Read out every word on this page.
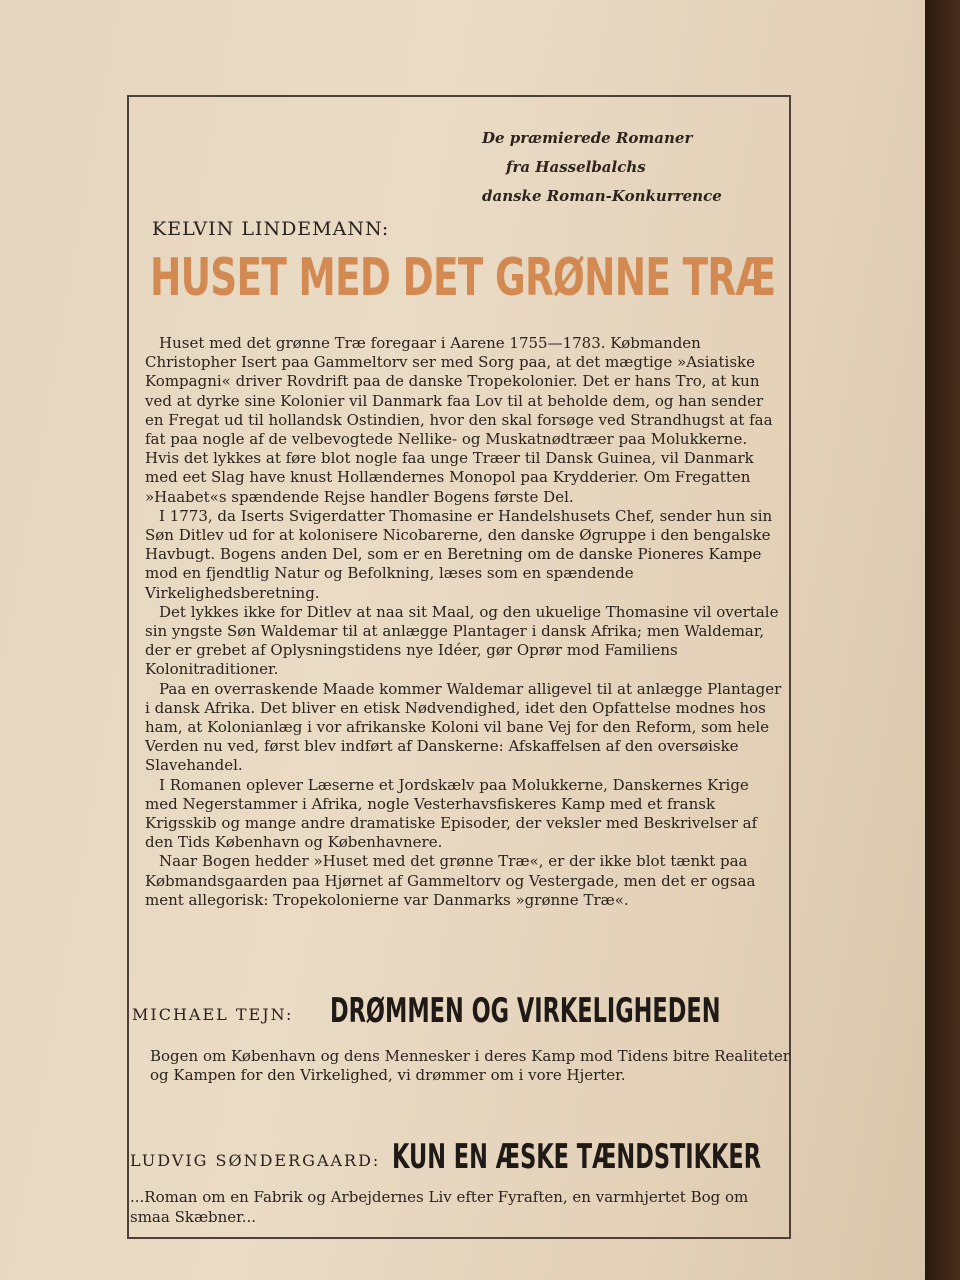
De præmierede Romaner
fra Hasselbalchs
danske Roman-Konkurrence
KELVIN LINDEMANN:
HUSET MED DET GRØNNE TRÆ

Huset med det grønne Træ foregaar i Aarene 1755—1783. Købmanden Christopher Isert paa Gammeltorv ser med Sorg paa, at det mægtige »Asiatiske Kompagni« driver Rovdrift paa de danske Tropekolonier. Det er hans Tro, at kun ved at dyrke sine Kolonier vil Danmark faa Lov til at beholde dem, og han sender en Fregat ud til hollandsk Ostindien, hvor den skal forsøge ved Strandhugst at faa fat paa nogle af de velbevogtede Nellike- og Muskatnødtræer paa Molukkerne. Hvis det lykkes at føre blot nogle faa unge Træer til Dansk Guinea, vil Danmark med eet Slag have knust Hollændernes Monopol paa Krydderier. Om Fregatten »Haabet«s spændende Rejse handler Bogens første Del.

I 1773, da Iserts Svigerdatter Thomasine er Handelshusets Chef, sender hun sin Søn Ditlev ud for at kolonisere Nicobarerne, den danske Øgruppe i den bengalske Havbugt. Bogens anden Del, som er en Beretning om de danske Pioneres Kampe mod en fjendtlig Natur og Befolkning, læses som en spændende Virkelighedsberetning.

Det lykkes ikke for Ditlev at naa sit Maal, og den ukuelige Thomasine vil overtale sin yngste Søn Waldemar til at anlægge Plantager i dansk Afrika; men Waldemar, der er grebet af Oplysningstidens nye Idéer, gør Oprør mod Familiens Kolonitraditioner.

Paa en overraskende Maade kommer Waldemar alligevel til at anlægge Plantager i dansk Afrika. Det bliver en etisk Nødvendighed, idet den Opfattelse modnes hos ham, at Kolonianlæg i vor afrikanske Koloni vil bane Vej for den Reform, som hele Verden nu ved, først blev indført af Danskerne: Afskaffelsen af den oversøiske Slavehandel.

I Romanen oplever Læserne et Jordskælv paa Molukkerne, Danskernes Krige med Negerstammer i Afrika, nogle Vesterhavsfiskeres Kamp med et fransk Krigsskib og mange andre dramatiske Episoder, der veksler med Beskrivelser af den Tids København og Københavnere.

Naar Bogen hedder »Huset med det grønne Træ«, er der ikke blot tænkt paa Købmandsgaarden paa Hjørnet af Gammeltorv og Vestergade, men det er ogsaa ment allegorisk: Tropekolonierne var Danmarks »grønne Træ«.

MICHAEL TEJN: DRØMMEN OG VIRKELIGHEDEN
Bogen om København og dens Mennesker i deres Kamp mod Tidens bitre Realiteter og Kampen for den Virkelighed, vi drømmer om i vore Hjerter.
LUDVIG SØNDERGAARD: KUN EN ÆSKE TÆNDSTIKKER
...Roman om en Fabrik og Arbejdernes Liv efter Fyraften, en varmhjertet Bog om smaa Skæbner...
